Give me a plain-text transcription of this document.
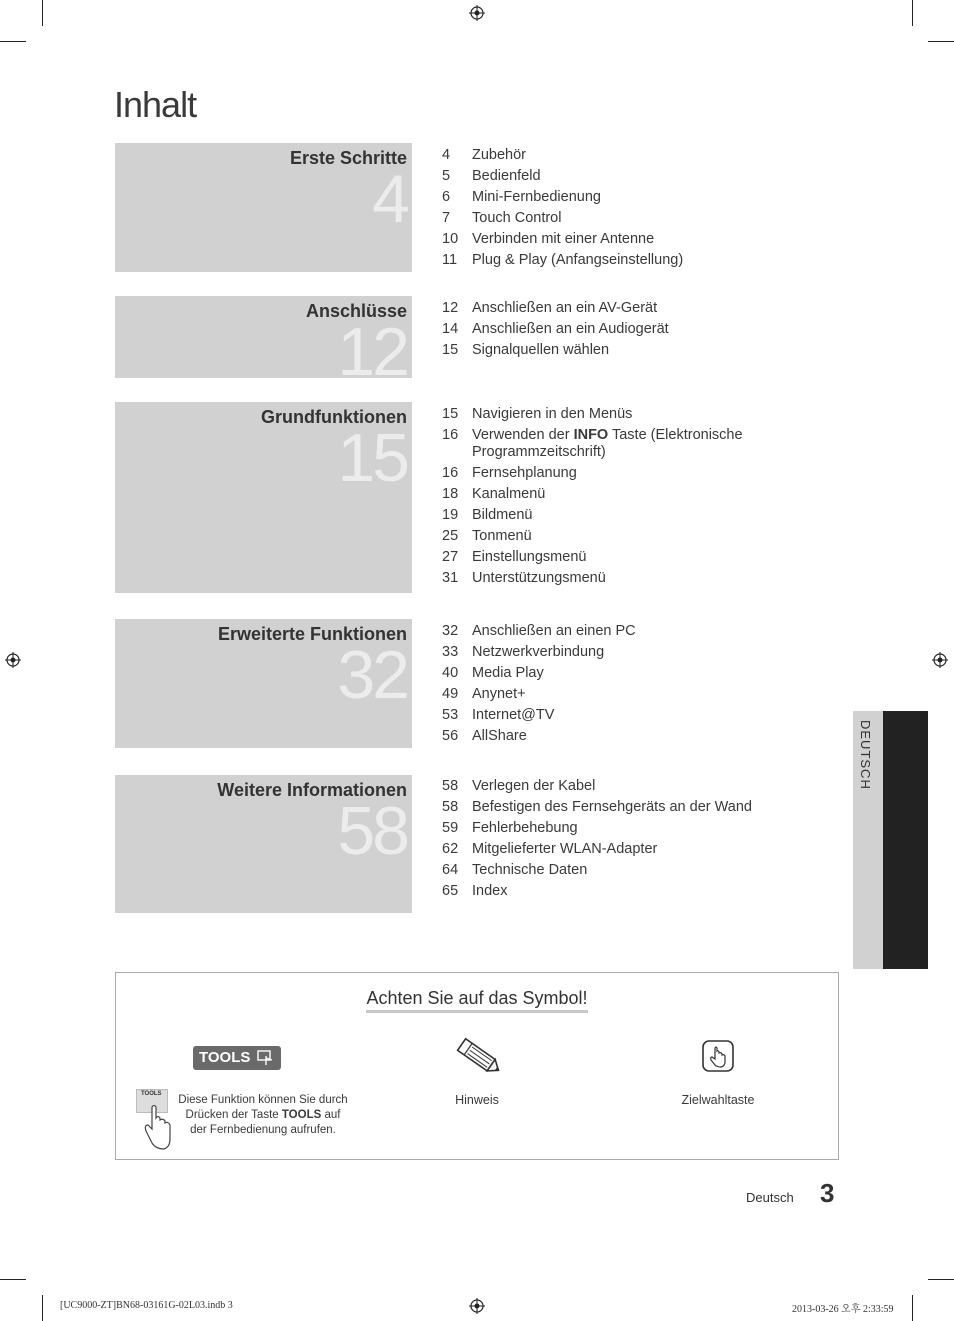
Inhalt
Erste Schritte
4
4	Zubehör
5	Bedienfeld
6	Mini-Fernbedienung
7	Touch Control
10 Verbinden mit einer Antenne
11	Plug & Play (Anfangseinstellung)
Anschlüsse
12
12 Anschließen an ein AV-Gerät
14 Anschließen an ein Audiogerät
15 Signalquellen wählen
Grundfunktionen
15
15 Navigieren in den Menüs
16 Verwenden der INFO Taste (Elektronische Programmzeitschrift)
16 Fernsehplanung
18 Kanalmenü
19 Bildmenü
25 Tonmenü
27 Einstellungsmenü
31 Unterstützungsmenü
Erweiterte Funktionen
32
32 Anschließen an einen PC
33 Netzwerkverbindung
40 Media Play
49 Anynet+
53 Internet@TV
56 AllShare
Weitere Informationen
58
58 Verlegen der Kabel
58 Befestigen des Fernsehgeräts an der Wand
59 Fehlerbehebung
62 Mitgelieferter WLAN-Adapter
64 Technische Daten
65 Index
DEUTSCH
Achten Sie auf das Symbol!
TOOLS
TOOLS Diese Funktion können Sie durch Drücken der Taste TOOLS auf der Fernbedienung aufrufen.
Hinweis	Zielwahltaste
Deutsch 3
[UC9000-ZT]BN68-03161G-02L03.indb 3	2013-03-26 오후 2:33:59
